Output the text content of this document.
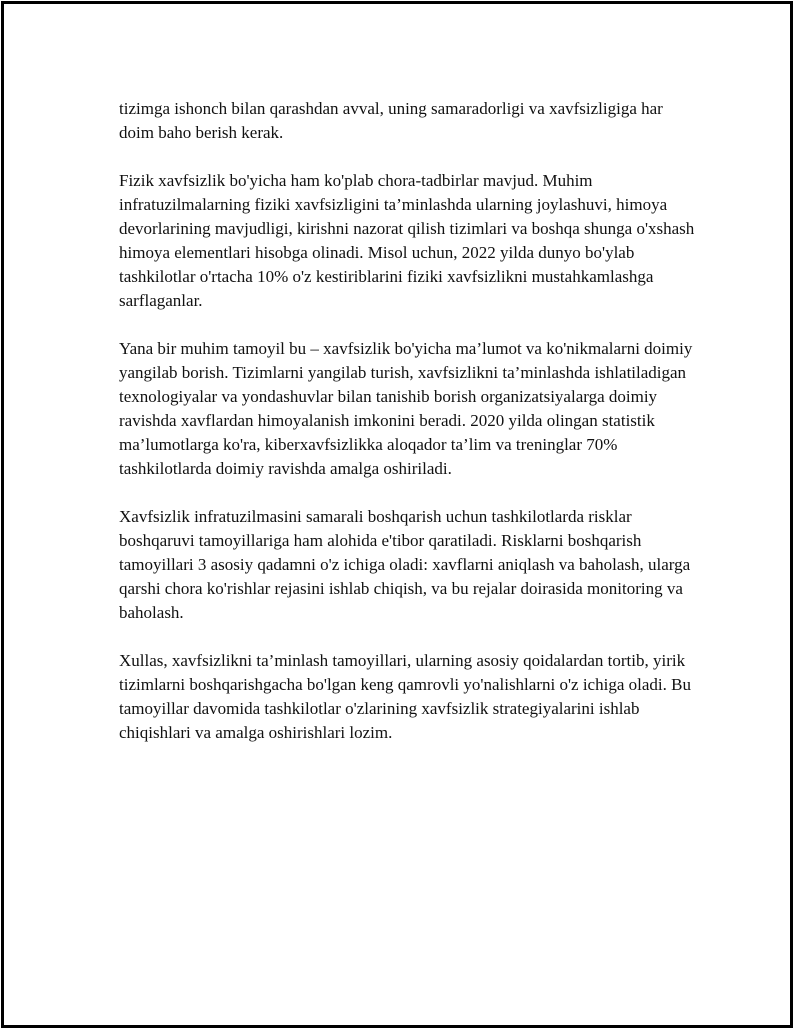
tizimga ishonch bilan qarashdan avval, uning samaradorligi va xavfsizligiga har doim baho berish kerak.

Fizik xavfsizlik bo'yicha ham ko'plab chora-tadbirlar mavjud. Muhim infratuzilmalarning fiziki xavfsizligini ta’minlashda ularning joylashuvi, himoya devorlarining mavjudligi, kirishni nazorat qilish tizimlari va boshqa shunga o'xshash himoya elementlari hisobga olinadi. Misol uchun, 2022 yilda dunyo bo'ylab tashkilotlar o'rtacha 10% o'z kestiriblarini fiziki xavfsizlikni mustahkamlashga sarflaganlar.

Yana bir muhim tamoyil bu – xavfsizlik bo'yicha ma’lumot va ko'nikmalarni doimiy yangilab borish. Tizimlarni yangilab turish, xavfsizlikni ta’minlashda ishlatiladigan texnologiyalar va yondashuvlar bilan tanishib borish organizatsiyalarga doimiy ravishda xavflardan himoyalanish imkonini beradi. 2020 yilda olingan statistik ma’lumotlarga ko'ra, kiberxavfsizlikka aloqador ta’lim va treninglar 70% tashkilotlarda doimiy ravishda amalga oshiriladi.

Xavfsizlik infratuzilmasini samarali boshqarish uchun tashkilotlarda risklar boshqaruvi tamoyillariga ham alohida e'tibor qaratiladi. Risklarni boshqarish tamoyillari 3 asosiy qadamni o'z ichiga oladi: xavflarni aniqlash va baholash, ularga qarshi chora ko'rishlar rejasini ishlab chiqish, va bu rejalar doirasida monitoring va baholash.

Xullas, xavfsizlikni ta’minlash tamoyillari, ularning asosiy qoidalardan tortib, yirik tizimlarni boshqarishgacha bo'lgan keng qamrovli yo'nalishlarni o'z ichiga oladi. Bu tamoyillar davomida tashkilotlar o'zlarining xavfsizlik strategiyalarini ishlab chiqishlari va amalga oshirishlari lozim.
